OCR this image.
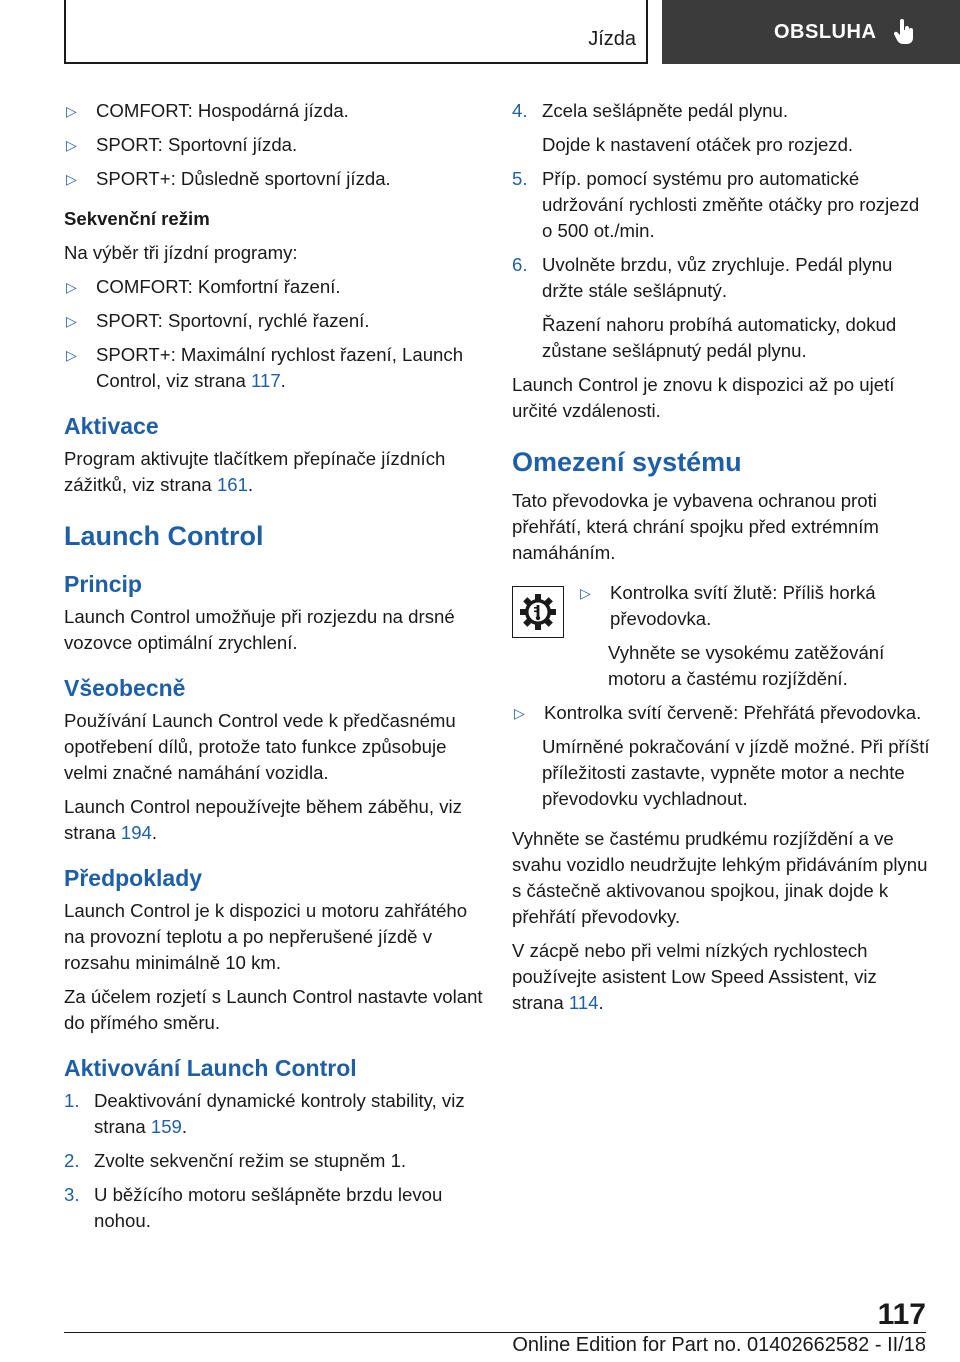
Jízda	OBSLUHA
▷	COMFORT: Hospodárná jízda.
▷	SPORT: Sportovní jízda.
▷	SPORT+: Důsledně sportovní jízda.

Sekvenční režim

Na výběr tři jízdní programy:

▷	COMFORT: Komfortní řazení.
▷	SPORT: Sportovní, rychlé řazení.
▷	SPORT+: Maximální rychlost řazení, Launch Control, viz strana 117.
Aktivace

Program aktivujte tlačítkem přepínače jízdních zážitků, viz strana 161.

Launch Control
Princip

Launch Control umožňuje při rozjezdu na drsné vozovce optimální zrychlení.

Všeobecně

Používání Launch Control vede k předčasnému opotřebení dílů, protože tato funkce způsobuje velmi značné namáhání vozidla.

Launch Control nepoužívejte během záběhu, viz strana 194.

Předpoklady

Launch Control je k dispozici u motoru zahřátého na provozní teplotu a po nepřerušené jízdě v rozsahu minimálně 10 km.

Za účelem rozjetí s Launch Control nastavte volant do přímého směru.

Aktivování Launch Control
1. Deaktivování dynamické kontroly stability, viz strana 159.
2. Zvolte sekvenční režim se stupněm 1.
3. U běžícího motoru sešlápněte brzdu levou nohou.
4. Zcela sešlápněte pedál plynu.

Dojde k nastavení otáček pro rozjezd.

5. Příp. pomocí systému pro automatické udržování rychlosti změňte otáčky pro rozjezd o 500 ot./min.
6. Uvolněte brzdu, vůz zrychluje. Pedál plynu držte stále sešlápnutý.

Řazení nahoru probíhá automaticky, dokud zůstane sešlápnutý pedál plynu.

Launch Control je znovu k dispozici až po ujetí určité vzdálenosti.

Omezení systému

Tato převodovka je vybavena ochranou proti přehřátí, která chrání spojku před extrémním namáháním.

▷	Kontrolka svítí žlutě: Příliš horká převodovka.

Vyhněte se vysokému zatěžování motoru a častému rozjíždění.

▷	Kontrolka svítí červeně: Přehřátá převodovka.

Umírněné pokračování v jízdě možné. Při příští příležitosti zastavte, vypněte motor a nechte převodovku vychladnout.

Vyhněte se častému prudkému rozjíždění a ve svahu vozidlo neudržujte lehkým přidáváním plynu s částečně aktivovanou spojkou, jinak dojde k přehřátí převodovky.

V zácpě nebo při velmi nízkých rychlostech používejte asistent Low Speed Assistent, viz strana 114.

117
Online Edition for Part no. 01402662582 - II/18
